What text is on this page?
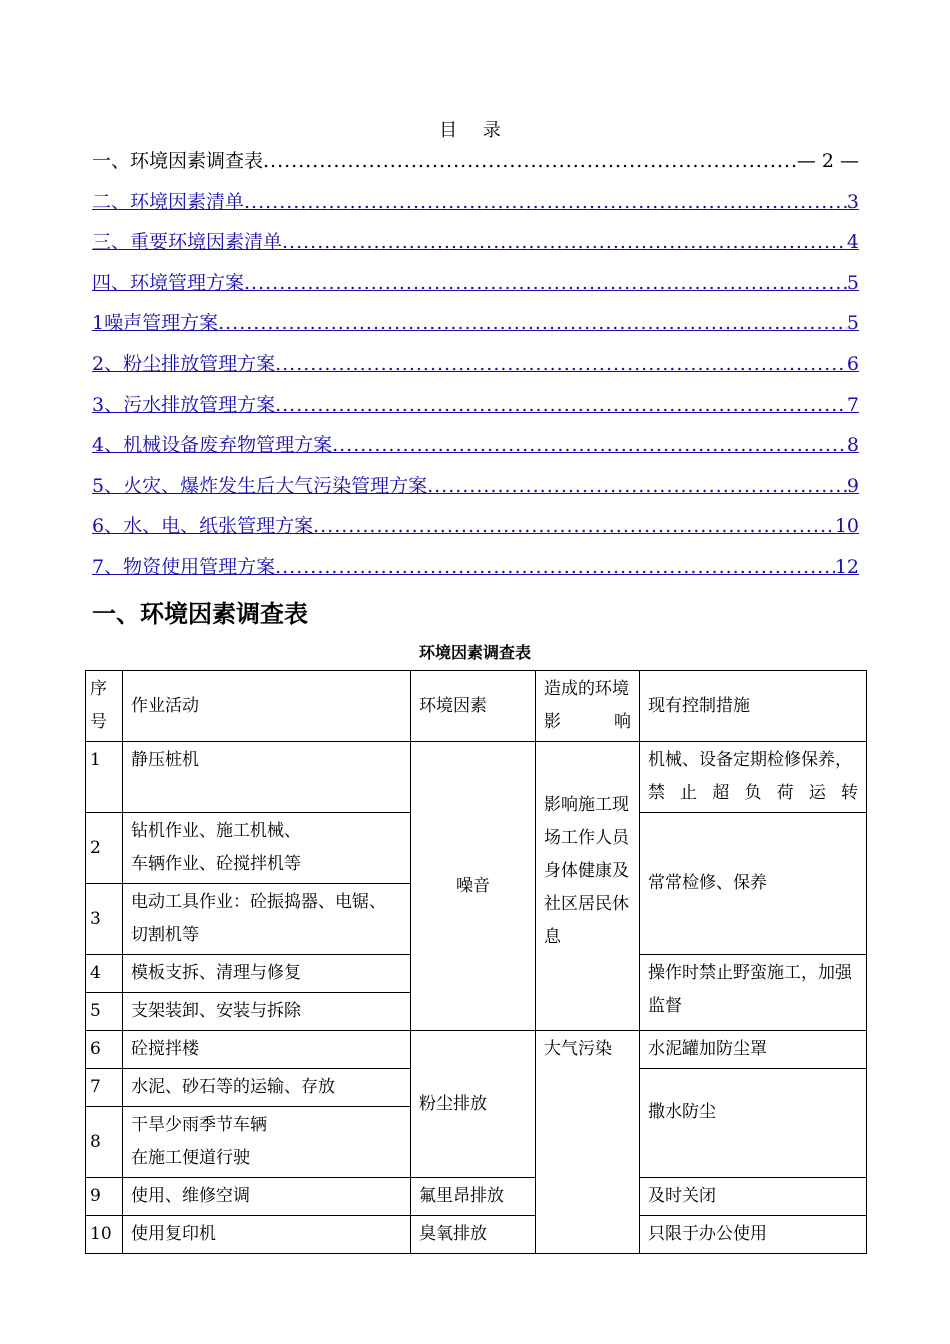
目 录
一、环境因素调查表 .....	— 2 —
二、环境因素清单 .....	3
三、重要环境因素清单 .....	4
四、环境管理方案 .....	5
1噪声管理方案 .....	5
2、粉尘排放管理方案 .....	6
3、污水排放管理方案 .....	7
4、机械设备废弃物管理方案 .....	8
5、火灾、爆炸发生后大气污染管理方案 .....	9
6、水、电、纸张管理方案 .....	10
7、物资使用管理方案 .....	12
一、环境因素调查表
环境因素调查表
序号	作业活动	环境因素	造成的环境影响	现有控制措施
1	静压桩机	噪音	影响施工现场工作人员身体健康及社区居民休息	机械、设备定期检修保养，禁止超负荷运转
2	钻机作业、施工机械、
车辆作业、砼搅拌机等			常常检修、保养
3	电动工具作业：砼振捣器、电锯、切割机等			
4	模板支拆、清理与修复			操作时禁止野蛮施工，加强监督
5	支架装卸、安装与拆除			
6	砼搅拌楼	粉尘排放	大气污染	水泥罐加防尘罩
7	水泥、砂石等的运输、存放			撒水防尘

8	干旱少雨季节车辆
在施工便道行驶			

9	使用、维修空调	氟里昂排放		及时关闭
10	使用复印机	臭氧排放		只限于办公使用
